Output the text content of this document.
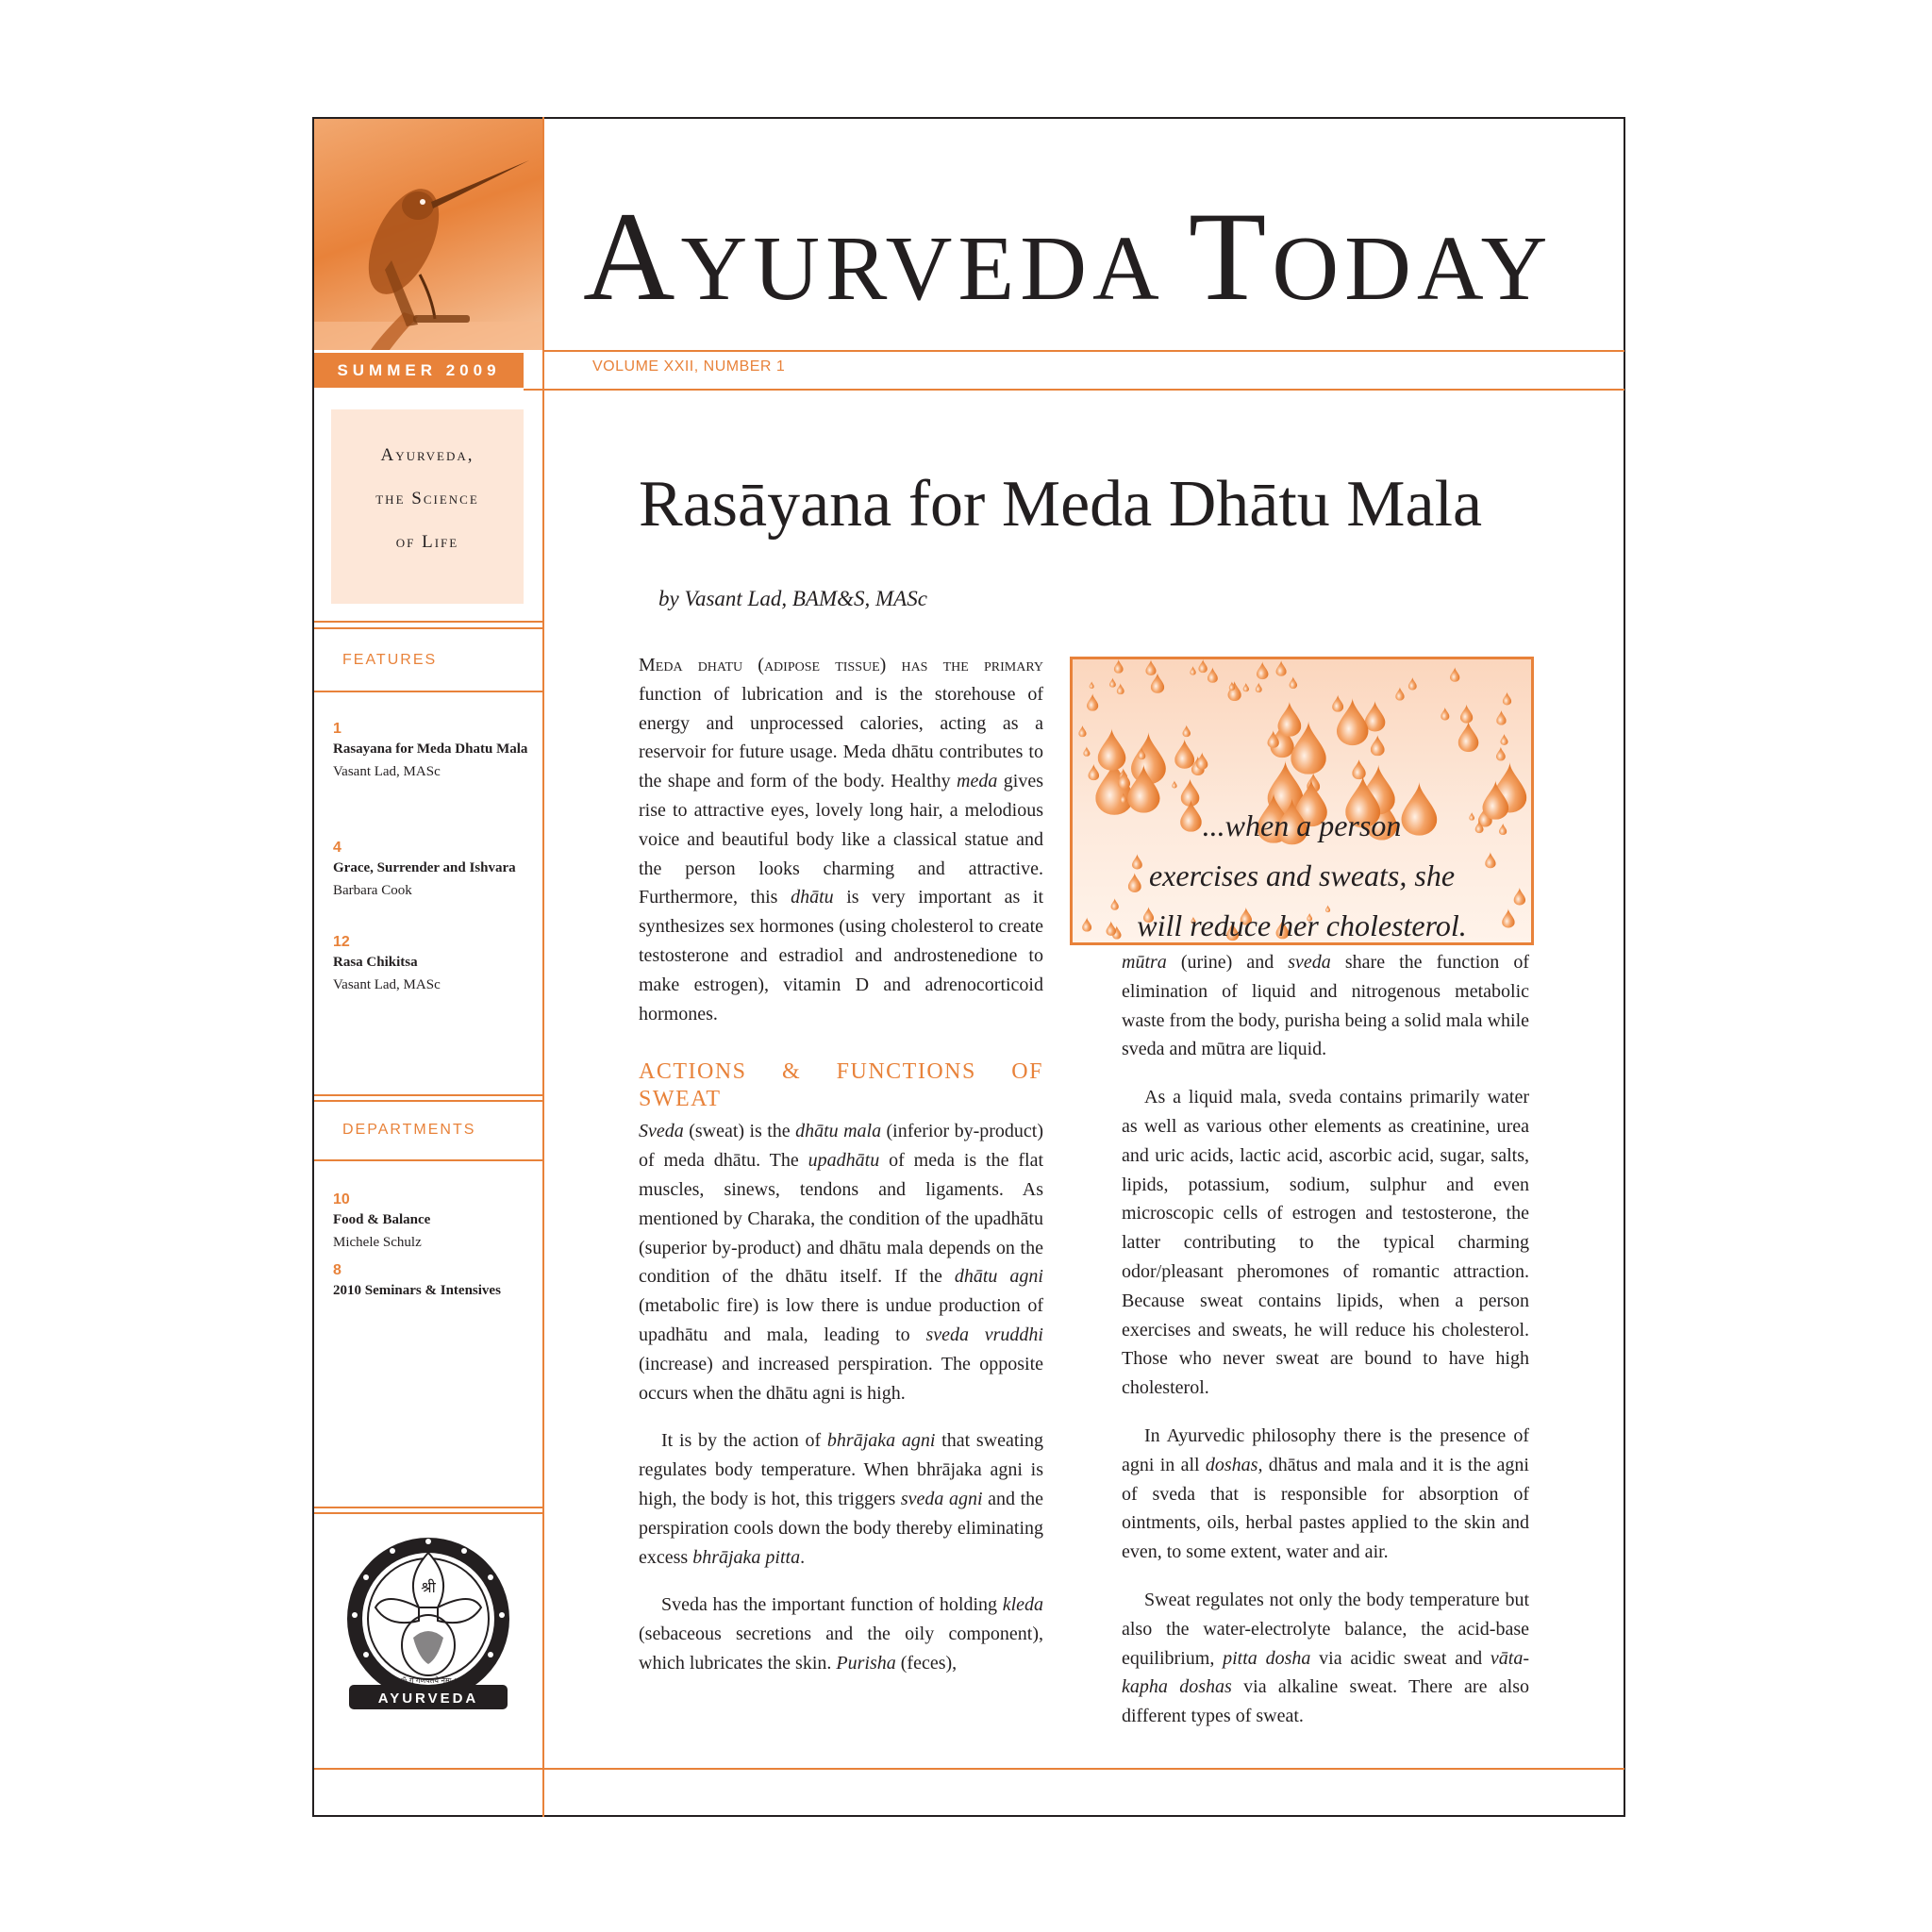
AYURVEDA TODAY
SUMMER 2009	VOLUME XXII, NUMBER 1
Ayurveda,
the Science
of Life
FEATURES
1
Rasayana for Meda Dhatu Mala
Vasant Lad, MASc
4
Grace, Surrender and Ishvara
Barbara Cook
12
Rasa Chikitsa
Vasant Lad, MASc
DEPARTMENTS
10
Food & Balance
Michele Schulz
8
2010 Seminars & Intensives
श्री
ॐ गं गणपतये नमः ।
AYURVEDA
Rasāyana for Meda Dhātu Mala
by Vasant Lad, BAM&S, MASc
...when a person
exercises and sweats, she
will reduce her cholesterol.

Meda dhatu (adipose tissue) has the primary function of lubrication and is the storehouse of energy and unprocessed calories, acting as a reservoir for future usage. Meda dhātu contributes to the shape and form of the body. Healthy meda gives rise to attractive eyes, lovely long hair, a melodious voice and beautiful body like a classical statue and the person looks charming and attractive. Furthermore, this dhātu is very important as it synthesizes sex hormones (using cholesterol to create testosterone and estradiol and androstenedione to make estrogen), vitamin D and adrenocorticoid hormones.

ACTIONS & FUNCTIONS OF SWEAT

Sveda (sweat) is the dhātu mala (inferior by-product) of meda dhātu. The upadhātu of meda is the flat muscles, sinews, tendons and ligaments. As mentioned by Charaka, the condition of the upadhātu (superior by-product) and dhātu mala depends on the condition of the dhātu itself. If the dhātu agni (metabolic fire) is low there is undue production of upadhātu and mala, leading to sveda vruddhi (increase) and increased perspiration. The opposite occurs when the dhātu agni is high.

It is by the action of bhrājaka agni that sweating regulates body temperature. When bhrājaka agni is high, the body is hot, this triggers sveda agni and the perspiration cools down the body thereby eliminating excess bhrājaka pitta.

Sveda has the important function of holding kleda (sebaceous secretions and the oily component), which lubricates the skin. Purisha (feces),

mūtra (urine) and sveda share the function of elimination of liquid and nitrogenous metabolic waste from the body, purisha being a solid mala while sveda and mūtra are liquid.

As a liquid mala, sveda contains primarily water as well as various other elements as creatinine, urea and uric acids, lactic acid, ascorbic acid, sugar, salts, lipids, potassium, sodium, sulphur and even microscopic cells of estrogen and testosterone, the latter contributing to the typical charming odor/pleasant pheromones of romantic attraction. Because sweat contains lipids, when a person exercises and sweats, he will reduce his cholesterol. Those who never sweat are bound to have high cholesterol.

In Ayurvedic philosophy there is the presence of agni in all doshas, dhātus and mala and it is the agni of sveda that is responsible for absorption of ointments, oils, herbal pastes applied to the skin and even, to some extent, water and air.

Sweat regulates not only the body temperature but also the water-electrolyte balance, the acid-base equilibrium, pitta dosha via acidic sweat and vāta-kapha doshas via alkaline sweat. There are also different types of sweat.
